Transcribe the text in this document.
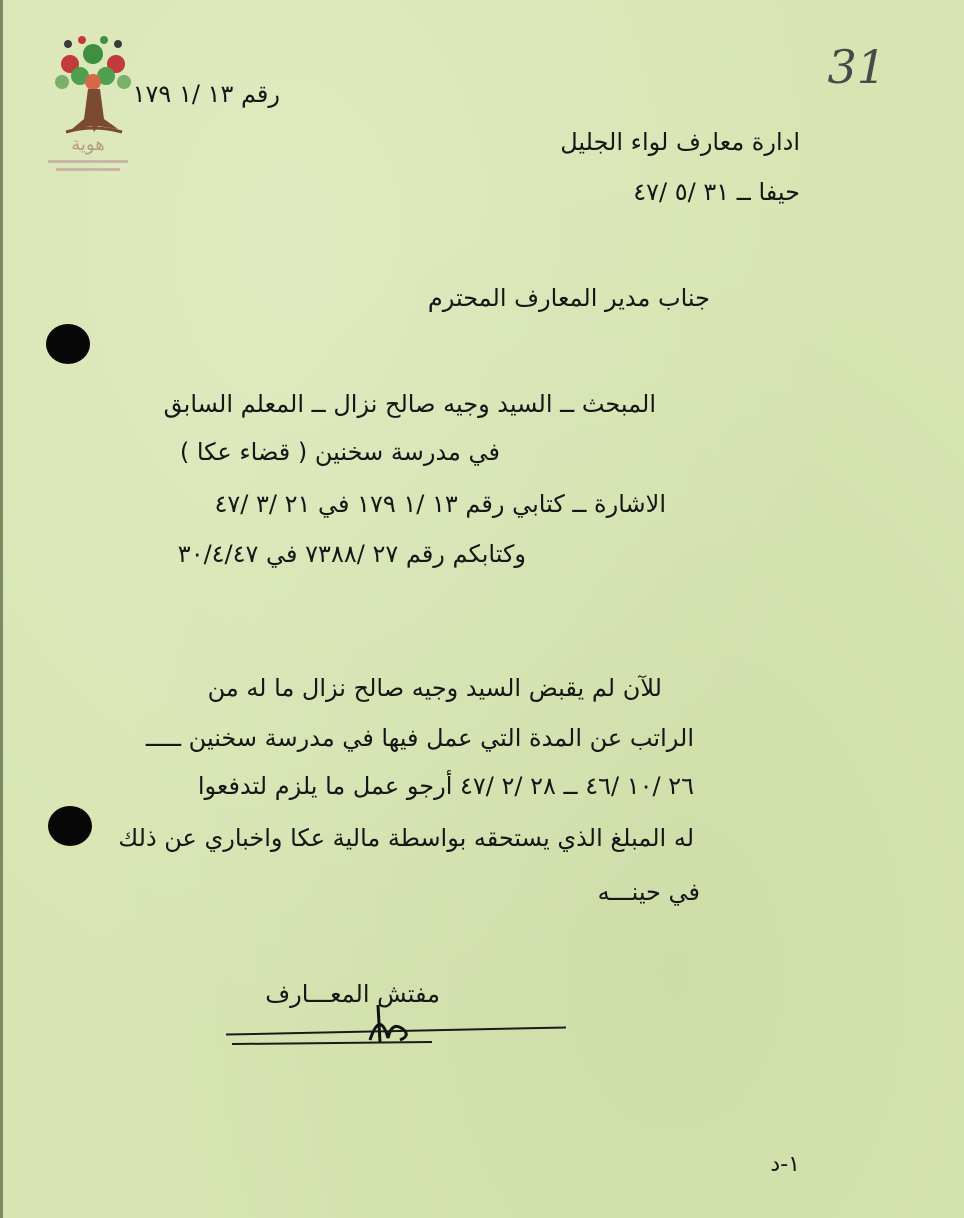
هوية
رقم ١٣ /١ ١٧٩	31
ادارة معارف لواء الجليل
حيفا ــ ٣١ /٥ /٤٧
جناب مدير المعارف المحترم
المبحث ــ السيد وجيه صالح نزال ــ المعلم السابق
في مدرسة سخنين ( قضاء عكا )
الاشارة ــ كتابي رقم ١٣ /١ ١٧٩ في ٢١ /٣ /٤٧
وكتابكم رقم ٢٧ /٧٣٨٨ في ٣٠/٤/٤٧
للآن لم يقبض السيد وجيه صالح نزال ما له من
الراتب عن المدة التي عمل فيها في مدرسة سخنين ـــــ
٢٦ /١٠ /٤٦ ــ ٢٨ /٢ /٤٧ أرجو عمل ما يلزم لتدفعوا
له المبلغ الذي يستحقه بواسطة مالية عكا واخباري عن ذلك
في حينـــه
مفتش المعـــارف
١-د
